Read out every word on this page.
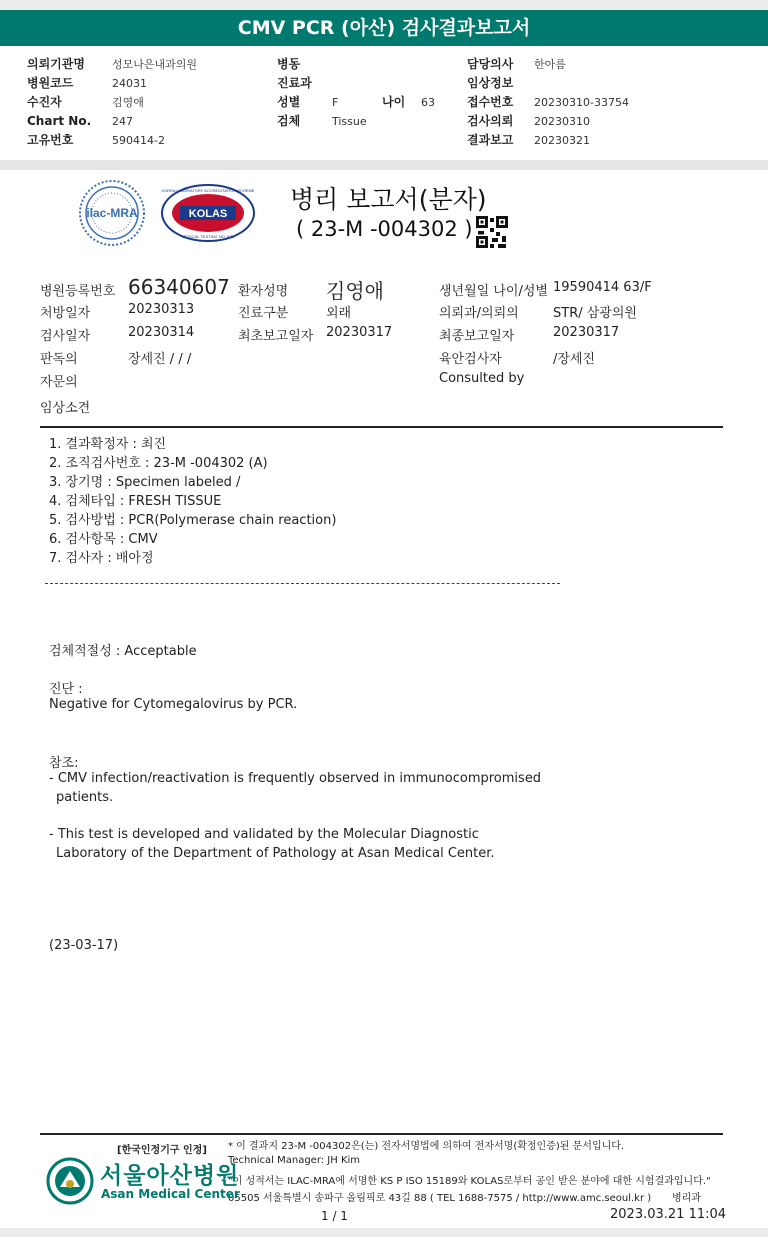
CMV PCR (아산) 검사결과보고서
의뢰기관명 성모나은내과의원
병원코드	24031
수진자	김영애
Chart No. 247
고유번호	590414-2
병동
진료과
성별	F	나이 63
검체	Tissue
담당의사 한아름
임상정보
접수번호 20230310-33754
검사의뢰 20230310
결과보고 20230321
ilac-MRA	KOLAS
KOREA LABORATORY ACCREDITATION SCHEME
MEDICAL TESTING NO. KT5
병리 보고서(분자)
( 23-M -004302 )
병원등록번호 66340607 환자성명 김영애	생년월일 나이/성별 19590414 63/F
처방일자	20230313	진료구분	외래	의뢰과/의뢰의	STR/ 삼광의원
검사일자	20230314	최초보고일자 20230317	최종보고일자	20230317
판독의	장세진 / / /	육안검사자	/장세진
자문의	Consulted by
임상소견
1. 결과확정자 : 최진
2. 조직검사번호 : 23-M -004302 (A)
3. 장기명 : Specimen labeled /
4. 검체타입 : FRESH TISSUE
5. 검사방법 : PCR(Polymerase chain reaction)
6. 검사항목 : CMV
7. 검사자 : 배아정
검체적절성 : Acceptable
진단 :
Negative for Cytomegalovirus by PCR.
참조:
- CMV infection/reactivation is frequently observed in immunocompromised
patients.
- This test is developed and validated by the Molecular Diagnostic
Laboratory of the Department of Pathology at Asan Medical Center.
(23-03-17)
[한국인정기구 인정] * 이 결과지 23-M -004302은(는) 전자서명법에 의하여 전자서명(확정인증)된 문서입니다.
Technical Manager: JH Kim
"이 성적서는 ILAC-MRA에 서명한 KS P ISO 15189와 KOLAS로부터 공인 받은 분야에 대한 시험결과입니다."
05505 서울특별시 송파구 올림픽로 43길 88 ( TEL 1688-7575 / http://www.amc.seoul.kr ) 병리과
서울아산병원
Asan Medical Center
1 / 1	2023.03.21 11:04
